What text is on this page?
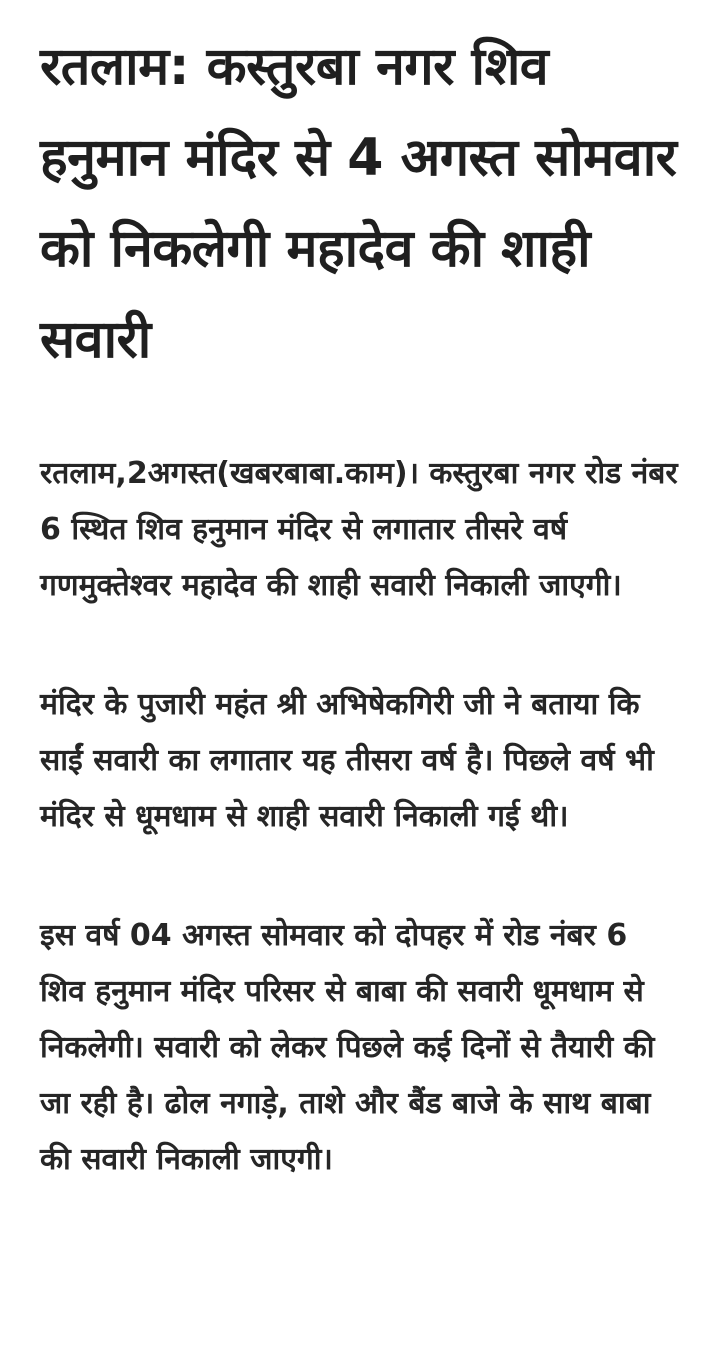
रतलाम: कस्तुरबा नगर शिव हनुमान मंदिर से 4 अगस्त सोमवार को निकलेगी महादेव की शाही सवारी

रतलाम,2अगस्त(खबरबाबा.काम)। कस्तुरबा नगर रोड नंबर 6 स्थित शिव हनुमान मंदिर से लगातार तीसरे वर्ष गणमुक्तेश्वर महादेव की शाही सवारी निकाली जाएगी।

मंदिर के पुजारी महंत श्री अभिषेकगिरी जी ने बताया कि साईं सवारी का लगातार यह तीसरा वर्ष है। पिछले वर्ष भी मंदिर से धूमधाम से शाही सवारी निकाली गई थी।

इस वर्ष 04 अगस्त सोमवार को दोपहर में रोड नंबर 6 शिव हनुमान मंदिर परिसर से बाबा की सवारी धूमधाम से निकलेगी। सवारी को लेकर पिछले कई दिनों से तैयारी की जा रही है। ढोल नगाड़े, ताशे और बैंड बाजे के साथ बाबा की सवारी निकाली जाएगी।
